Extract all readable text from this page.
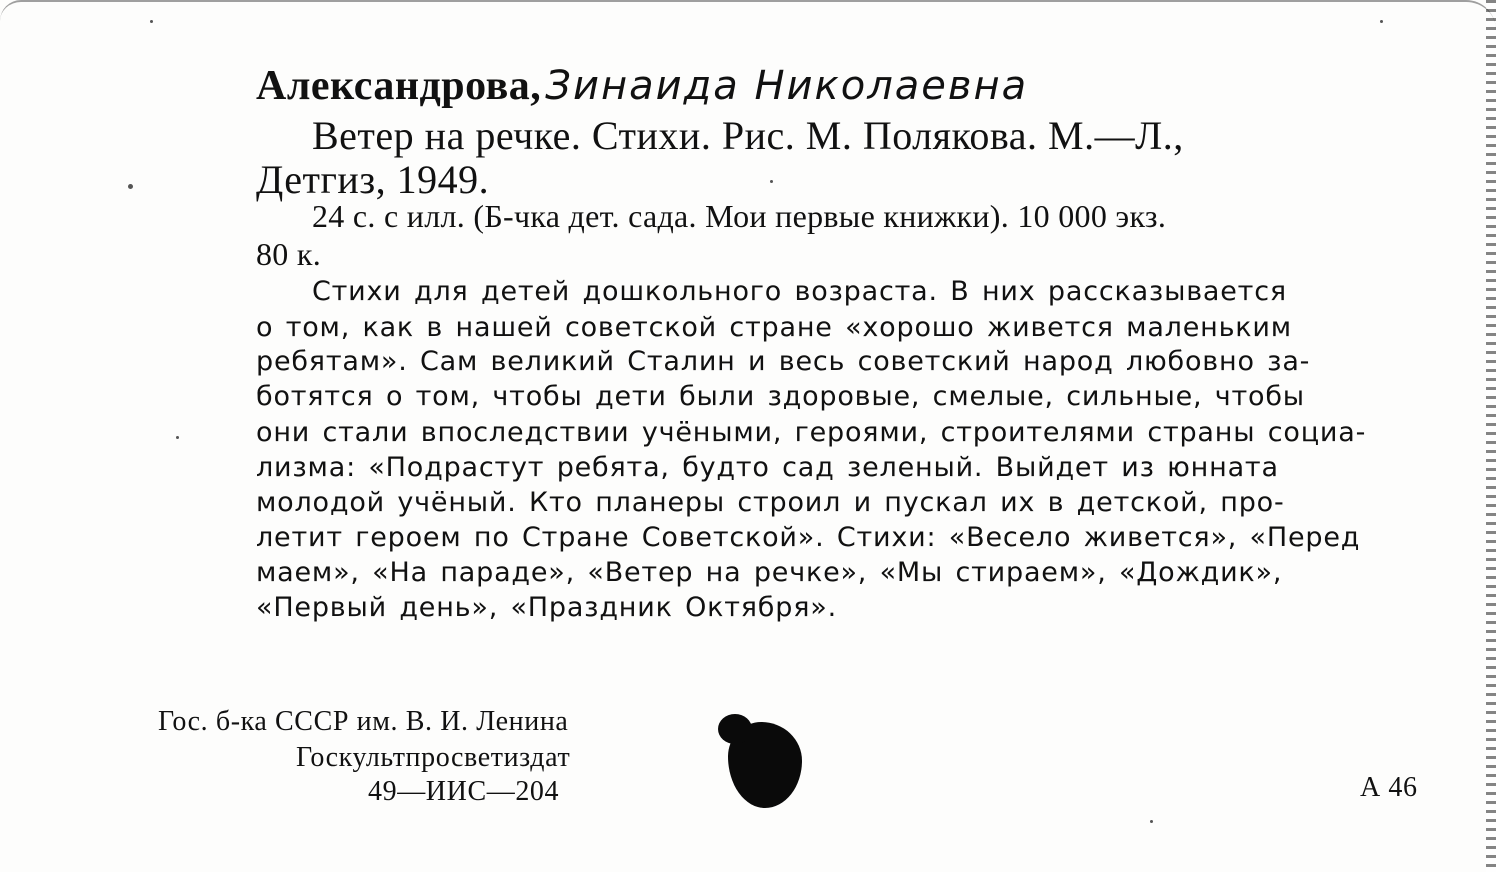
Александрова, Зинаида Николаевна
Ветер на речке. Стихи. Рис. М. Полякова. М.—Л.,
Детгиз, 1949.
24 с. с илл. (Б-чка дет. сада. Мои первые книжки). 10 000 экз.
80 к.
Стихи для детей дошкольного возраста. В них рассказывается
о том, как в нашей советской стране «хорошо живется маленьким
ребятам». Сам великий Сталин и весь советский народ любовно за-
ботятся о том, чтобы дети были здоровые, смелые, сильные, чтобы
они стали впоследствии учёными, героями, строителями страны социа-
лизма: «Подрастут ребята, будто сад зеленый. Выйдет из юнната
молодой учёный. Кто планеры строил и пускал их в детской, про-
летит героем по Стране Советской». Стихи: «Весело живется», «Перед
маем», «На параде», «Ветер на речке», «Мы стираем», «Дождик»,
«Первый день», «Праздник Октября».
Гос. б-ка СССР им. В. И. Ленина
Госкультпросветиздат
49—ИИС—204	А 46
